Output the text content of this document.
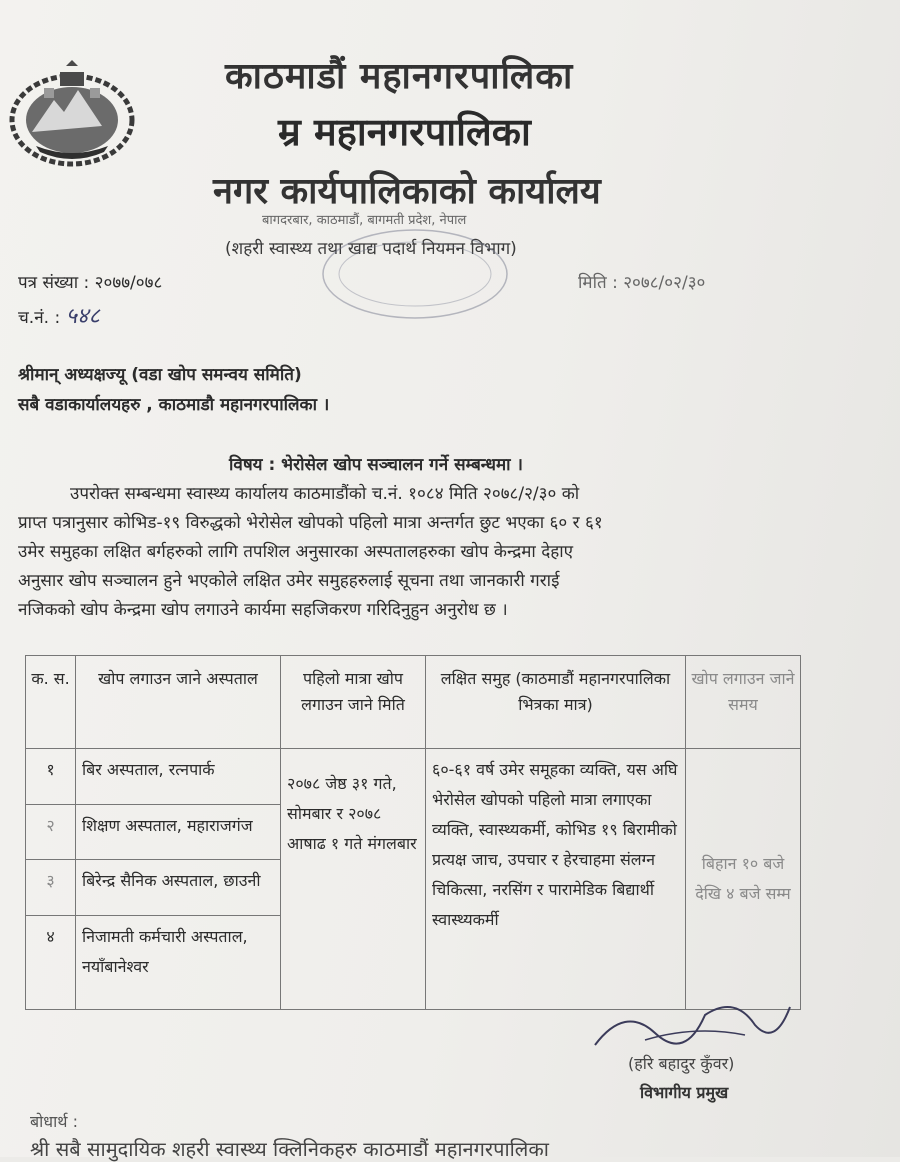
काठमाडौं महानगरपालिका
म्र महानगरपालिका
नगर कार्यपालिकाको कार्यालय
बागदरबार, काठमाडौं, बागमती प्रदेश, नेपाल
(शहरी स्वास्थ्य तथा खाद्य पदार्थ नियमन विभाग)
पत्र संख्या : २०७७/०७८
च.नं. : ५४८
मिति : २०७८/०२/३०
श्रीमान् अध्यक्षज्यू (वडा खोप समन्वय समिति)
सबै वडाकार्यालयहरु , काठमाडौ महानगरपालिका ।
विषय : भेरोसेल खोप सञ्चालन गर्ने सम्बन्धमा ।
उपरोक्त सम्बन्धमा स्वास्थ्य कार्यालय काठमाडौंको च.नं. १०८४ मिति २०७८/२/३० को
प्राप्त पत्रानुसार कोभिड-१९ विरुद्धको भेरोसेल खोपको पहिलो मात्रा अन्तर्गत छुट भएका ६० र ६१
उमेर समुहका लक्षित बर्गहरुको लागि तपशिल अनुसारका अस्पतालहरुका खोप केन्द्रमा देहाए
अनुसार खोप सञ्चालन हुने भएकोले लक्षित उमेर समुहहरुलाई सूचना तथा जानकारी गराई
नजिकको खोप केन्द्रमा खोप लगाउने कार्यमा सहजिकरण गरिदिनुहुन अनुरोध छ ।
क. स.	खोप लगाउन जाने अस्पताल	पहिलो मात्रा खोप लगाउन जाने मिति	लक्षित समुह (काठमाडौं महानगरपालिका भित्रका मात्र)	खोप लगाउन जाने समय
१	बिर अस्पताल, रत्नपार्क	२०७८ जेष्ठ ३१ गते, सोमबार र २०७८ आषाढ १ गते मंगलबार	६०-६१ वर्ष उमेर समूहका व्यक्ति, यस अघि भेरोसेल खोपको पहिलो मात्रा लगाएका व्यक्ति, स्वास्थ्यकर्मी, कोभिड १९ बिरामीको प्रत्यक्ष जाच, उपचार र हेरचाहमा संलग्न चिकित्सा, नरसिंग र पारामेडिक बिद्यार्थी स्वास्थ्यकर्मी	बिहान १० बजे देखि ४ बजे सम्म
२	शिक्षण अस्पताल, महाराजगंज			
३	बिरेन्द्र सैनिक अस्पताल, छाउनी			
४	निजामती कर्मचारी अस्पताल, नयाँबानेश्वर			
(हरि बहादुर कुँवर)
विभागीय प्रमुख
बोधार्थ :
श्री सबै सामुदायिक शहरी स्वास्थ्य क्लिनिकहरु काठमाडौं महानगरपालिका
